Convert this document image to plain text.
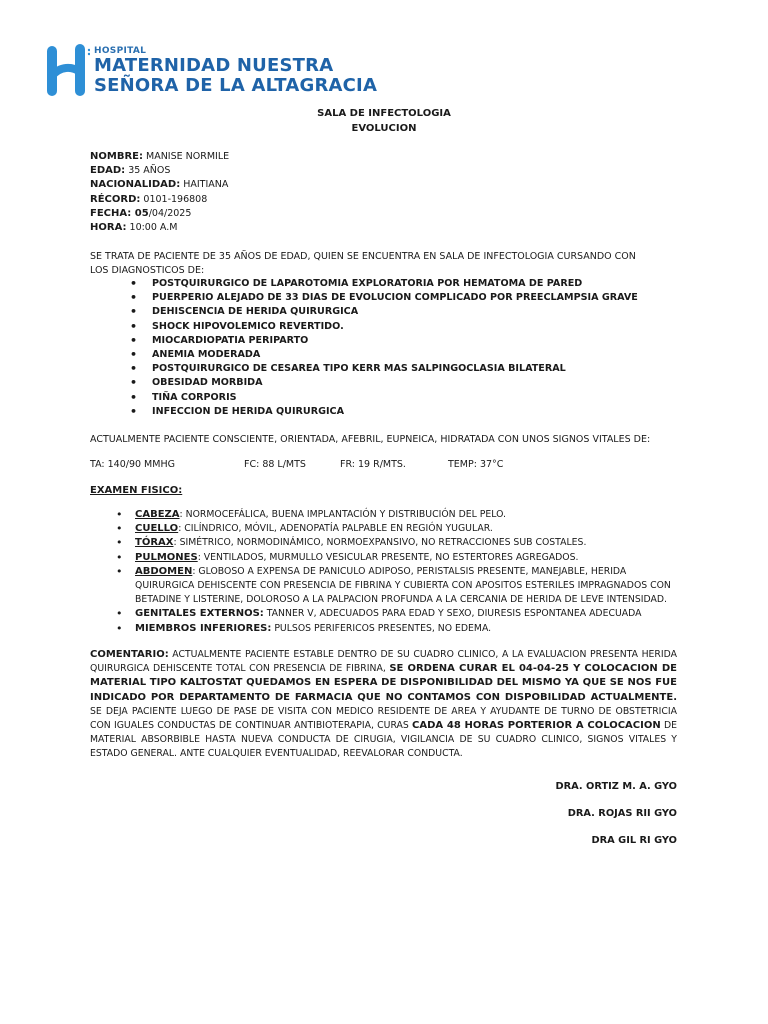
HOSPITAL
MATERNIDAD NUESTRA
SEÑORA DE LA ALTAGRACIA
SALA DE INFECTOLOGIA
EVOLUCION
NOMBRE: MANISE NORMILE
EDAD: 35 AÑOS
NACIONALIDAD: HAITIANA
RÉCORD: 0101-196808
FECHA: 05/04/2025
HORA: 10:00 A.M
SE TRATA DE PACIENTE DE 35 AÑOS DE EDAD, QUIEN SE ENCUENTRA EN SALA DE INFECTOLOGIA CURSANDO CON LOS DIAGNOSTICOS DE:
• POSTQUIRURGICO DE LAPAROTOMIA EXPLORATORIA POR HEMATOMA DE PARED
• PUERPERIO ALEJADO DE 33 DIAS DE EVOLUCION COMPLICADO POR PREECLAMPSIA GRAVE
• DEHISCENCIA DE HERIDA QUIRURGICA
• SHOCK HIPOVOLEMICO REVERTIDO.
• MIOCARDIOPATIA PERIPARTO
• ANEMIA MODERADA
• POSTQUIRURGICO DE CESAREA TIPO KERR MAS SALPINGOCLASIA BILATERAL
• OBESIDAD MORBIDA
• TIÑA CORPORIS
• INFECCION DE HERIDA QUIRURGICA
ACTUALMENTE PACIENTE CONSCIENTE, ORIENTADA, AFEBRIL, EUPNEICA, HIDRATADA CON UNOS SIGNOS VITALES DE:
TA: 140/90 MMHG	FC: 88 L/MTS	FR: 19 R/MTS.	TEMP: 37°C
EXAMEN FISICO:
• CABEZA: NORMOCEFÁLICA, BUENA IMPLANTACIÓN Y DISTRIBUCIÓN DEL PELO.
• CUELLO: CILÍNDRICO, MÓVIL, ADENOPATÍA PALPABLE EN REGIÓN YUGULAR.
• TÓRAX: SIMÉTRICO, NORMODINÁMICO, NORMOEXPANSIVO, NO RETRACCIONES SUB COSTALES.
• PULMONES: VENTILADOS, MURMULLO VESICULAR PRESENTE, NO ESTERTORES AGREGADOS.
• ABDOMEN: GLOBOSO A EXPENSA DE PANICULO ADIPOSO, PERISTALSIS PRESENTE, MANEJABLE, HERIDA QUIRURGICA DEHISCENTE CON PRESENCIA DE FIBRINA Y CUBIERTA CON APOSITOS ESTERILES IMPRAGNADOS CON BETADINE Y LISTERINE, DOLOROSO A LA PALPACION PROFUNDA A LA CERCANIA DE HERIDA DE LEVE INTENSIDAD.
• GENITALES EXTERNOS: TANNER V, ADECUADOS PARA EDAD Y SEXO, DIURESIS ESPONTANEA ADECUADA
• MIEMBROS INFERIORES: PULSOS PERIFERICOS PRESENTES, NO EDEMA.
COMENTARIO: ACTUALMENTE PACIENTE ESTABLE DENTRO DE SU CUADRO CLINICO, A LA EVALUACION PRESENTA HERIDA QUIRURGICA DEHISCENTE TOTAL CON PRESENCIA DE FIBRINA, SE ORDENA CURAR EL 04-04-25 Y COLOCACION DE MATERIAL TIPO KALTOSTAT QUEDAMOS EN ESPERA DE DISPONIBILIDAD DEL MISMO YA QUE SE NOS FUE INDICADO POR DEPARTAMENTO DE FARMACIA QUE NO CONTAMOS CON DISPOBILIDAD ACTUALMENTE. SE DEJA PACIENTE LUEGO DE PASE DE VISITA CON MEDICO RESIDENTE DE AREA Y AYUDANTE DE TURNO DE OBSTETRICIA CON IGUALES CONDUCTAS DE CONTINUAR ANTIBIOTERAPIA, CURAS CADA 48 HORAS PORTERIOR A COLOCACION DE MATERIAL ABSORBIBLE HASTA NUEVA CONDUCTA DE CIRUGIA, VIGILANCIA DE SU CUADRO CLINICO, SIGNOS VITALES Y ESTADO GENERAL. ANTE CUALQUIER EVENTUALIDAD, REEVALORAR CONDUCTA.
DRA. ORTIZ M. A. GYO
DRA. ROJAS RII GYO
DRA GIL RI GYO
